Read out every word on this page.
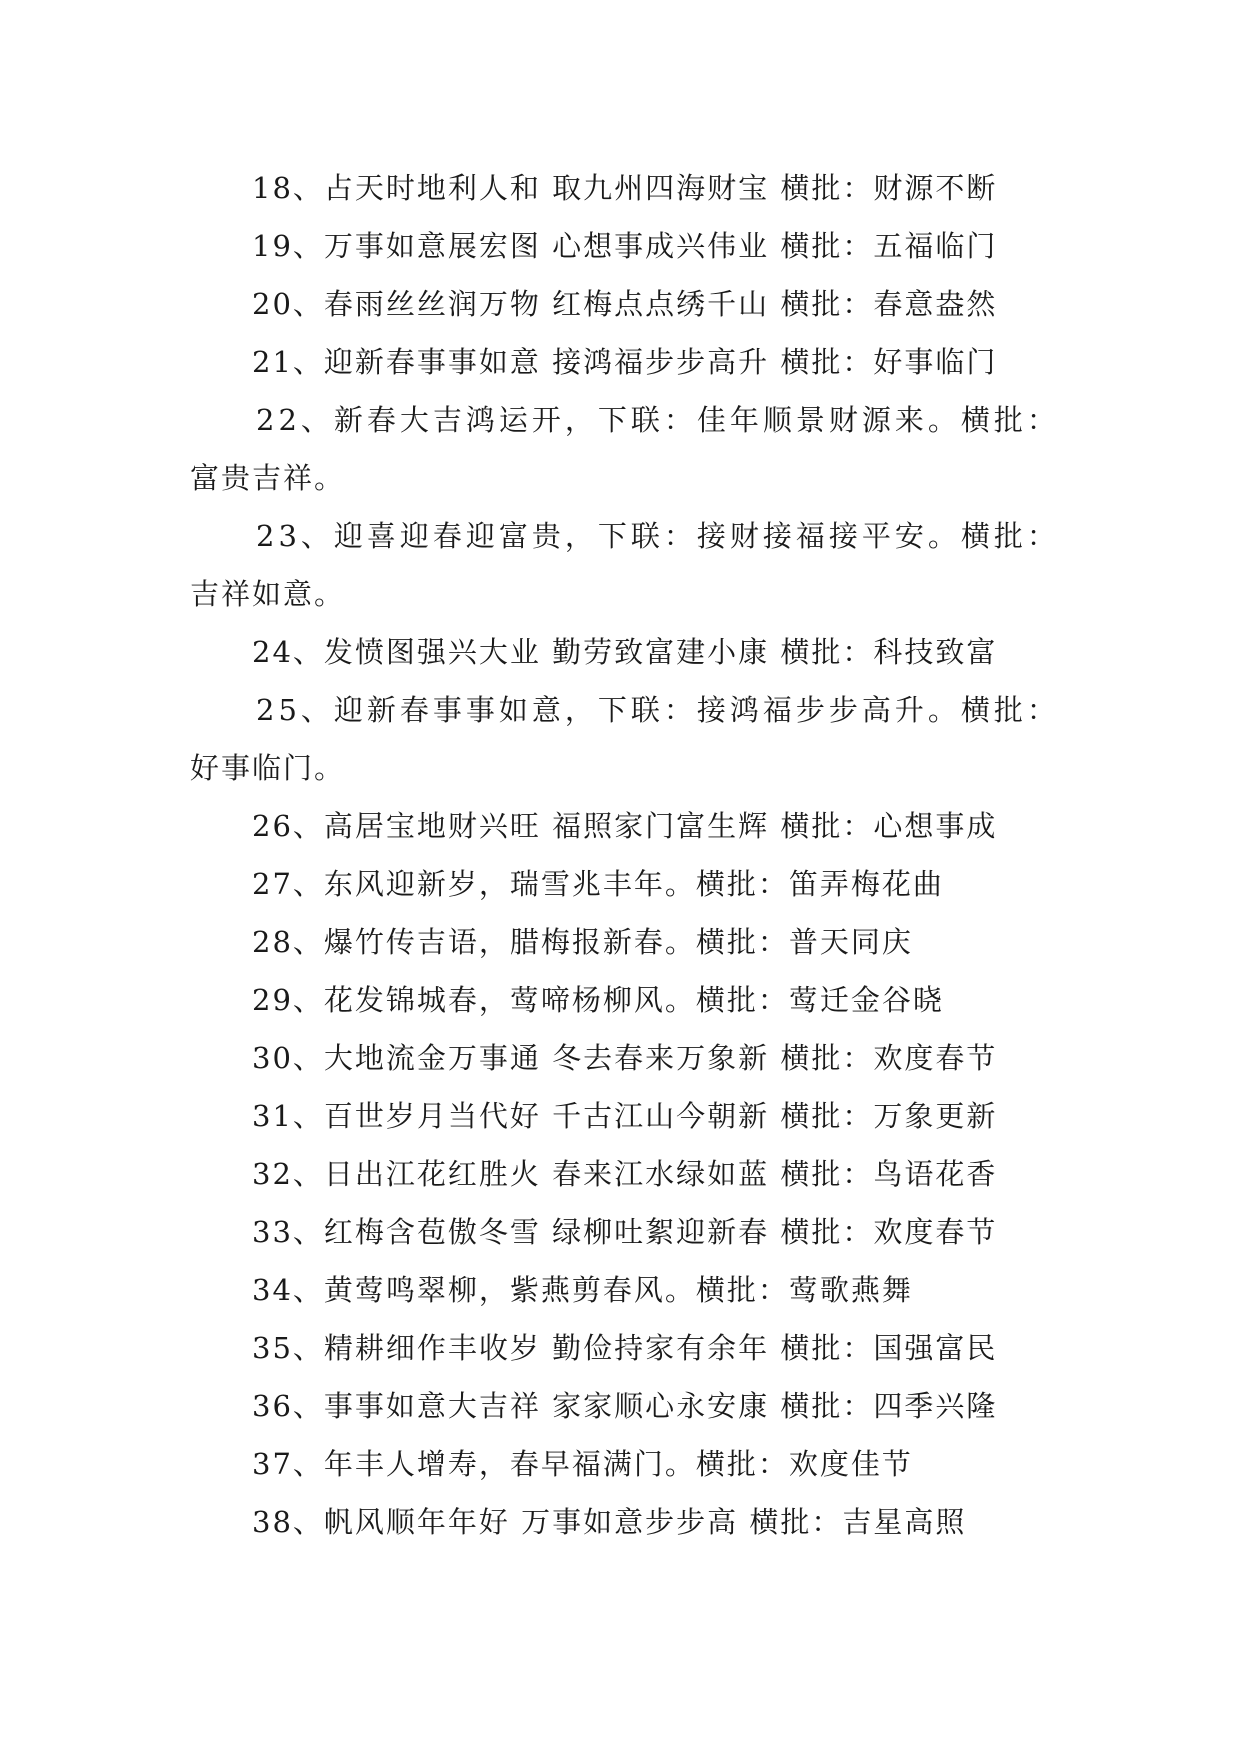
18、占天时地利人和 取九州四海财宝 横批：财源不断
19、万事如意展宏图 心想事成兴伟业 横批：五福临门
20、春雨丝丝润万物 红梅点点绣千山 横批：春意盎然
21、迎新春事事如意 接鸿福步步高升 横批：好事临门
22、新春大吉鸿运开，下联：佳年顺景财源来。横批：
富贵吉祥。
23、迎喜迎春迎富贵，下联：接财接福接平安。横批：
吉祥如意。
24、发愤图强兴大业 勤劳致富建小康 横批：科技致富
25、迎新春事事如意，下联：接鸿福步步高升。横批：
好事临门。
26、高居宝地财兴旺 福照家门富生辉 横批：心想事成
27、东风迎新岁，瑞雪兆丰年。横批：笛弄梅花曲
28、爆竹传吉语，腊梅报新春。横批：普天同庆
29、花发锦城春，莺啼杨柳风。横批：莺迁金谷晓
30、大地流金万事通 冬去春来万象新 横批：欢度春节
31、百世岁月当代好 千古江山今朝新 横批：万象更新
32、日出江花红胜火 春来江水绿如蓝 横批：鸟语花香
33、红梅含苞傲冬雪 绿柳吐絮迎新春 横批：欢度春节
34、黄莺鸣翠柳，紫燕剪春风。横批：莺歌燕舞
35、精耕细作丰收岁 勤俭持家有余年 横批：国强富民
36、事事如意大吉祥 家家顺心永安康 横批：四季兴隆
37、年丰人增寿，春早福满门。横批：欢度佳节
38、帆风顺年年好 万事如意步步高 横批：吉星高照
